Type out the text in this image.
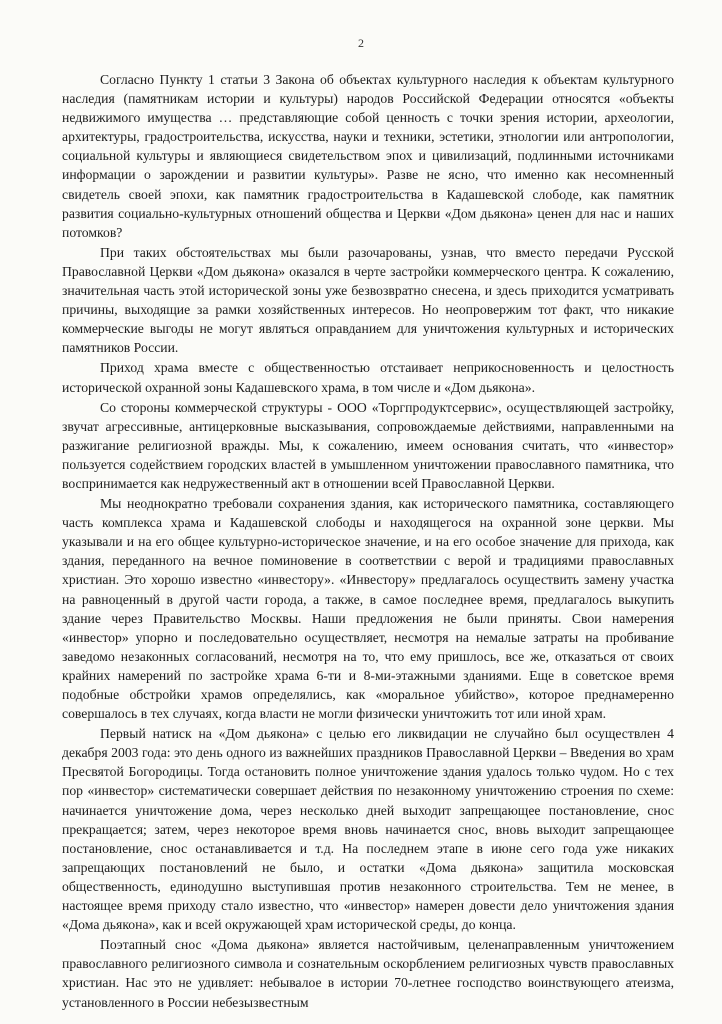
2

Согласно Пункту 1 статьи 3 Закона об объектах культурного наследия к объектам культурного наследия (памятникам истории и культуры) народов Российской Федерации относятся «объекты недвижимого имущества … представляющие собой ценность с точки зрения истории, археологии, архитектуры, градостроительства, искусства, науки и техники, эстетики, этнологии или антропологии, социальной культуры и являющиеся свидетельством эпох и цивилизаций, подлинными источниками информации о зарождении и развитии культуры». Разве не ясно, что именно как несомненный свидетель своей эпохи, как памятник градостроительства в Кадашевской слободе, как памятник развития социально-культурных отношений общества и Церкви «Дом дьякона» ценен для нас и наших потомков?

При таких обстоятельствах мы были разочарованы, узнав, что вместо передачи Русской Православной Церкви «Дом дьякона» оказался в черте застройки коммерческого центра. К сожалению, значительная часть этой исторической зоны уже безвозвратно снесена, и здесь приходится усматривать причины, выходящие за рамки хозяйственных интересов. Но неопровержим тот факт, что никакие коммерческие выгоды не могут являться оправданием для уничтожения культурных и исторических памятников России.

Приход храма вместе с общественностью отстаивает неприкосновенность и целостность исторической охранной зоны Кадашевского храма, в том числе и «Дом дьякона».

Со стороны коммерческой структуры - ООО «Торгпродуктсервис», осуществляющей застройку, звучат агрессивные, антицерковные высказывания, сопровождаемые действиями, направленными на разжигание религиозной вражды. Мы, к сожалению, имеем основания считать, что «инвестор» пользуется содействием городских властей в умышленном уничтожении православного памятника, что воспринимается как недружественный акт в отношении всей Православной Церкви.

Мы неоднократно требовали сохранения здания, как исторического памятника, составляющего часть комплекса храма и Кадашевской слободы и находящегося на охранной зоне церкви. Мы указывали и на его общее культурно-историческое значение, и на его особое значение для прихода, как здания, переданного на вечное поминовение в соответствии с верой и традициями православных христиан. Это хорошо известно «инвестору». «Инвестору» предлагалось осуществить замену участка на равноценный в другой части города, а также, в самое последнее время, предлагалось выкупить здание через Правительство Москвы. Наши предложения не были приняты. Свои намерения «инвестор» упорно и последовательно осуществляет, несмотря на немалые затраты на пробивание заведомо незаконных согласований, несмотря на то, что ему пришлось, все же, отказаться от своих крайних намерений по застройке храма 6-ти и 8-ми-этажными зданиями. Еще в советское время подобные обстройки храмов определялись, как «моральное убийство», которое преднамеренно совершалось в тех случаях, когда власти не могли физически уничтожить тот или иной храм.

Первый натиск на «Дом дьякона» с целью его ликвидации не случайно был осуществлен 4 декабря 2003 года: это день одного из важнейших праздников Православной Церкви – Введения во храм Пресвятой Богородицы. Тогда остановить полное уничтожение здания удалось только чудом. Но с тех пор «инвестор» систематически совершает действия по незаконному уничтожению строения по схеме: начинается уничтожение дома, через несколько дней выходит запрещающее постановление, снос прекращается; затем, через некоторое время вновь начинается снос, вновь выходит запрещающее постановление, снос останавливается и т.д. На последнем этапе в июне сего года уже никаких запрещающих постановлений не было, и остатки «Дома дьякона» защитила московская общественность, единодушно выступившая против незаконного строительства. Тем не менее, в настоящее время приходу стало известно, что «инвестор» намерен довести дело уничтожения здания «Дома дьякона», как и всей окружающей храм исторической среды, до конца.

Поэтапный снос «Дома дьякона» является настойчивым, целенаправленным уничтожением православного религиозного символа и сознательным оскорблением религиозных чувств православных христиан. Нас это не удивляет: небывалое в истории 70-летнее господство воинствующего атеизма, установленного в России небезызвестным
